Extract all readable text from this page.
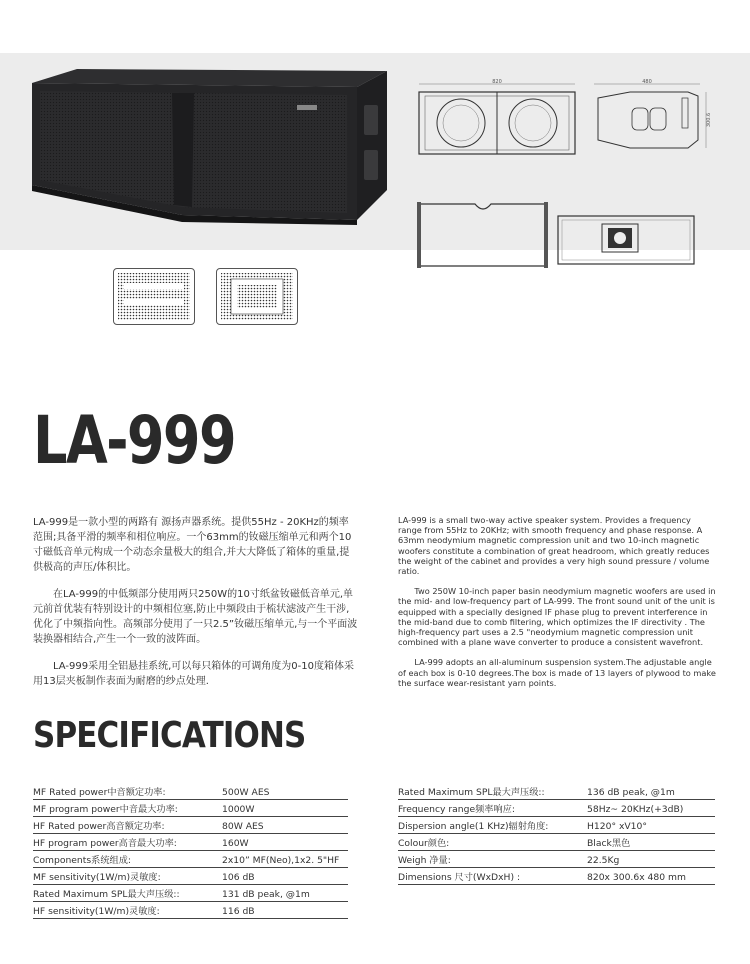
820	480
300.6
LA-999

LA-999是一款小型的两路有 源扬声器系统。提供55Hz - 20KHz的频率范围;具备平滑的频率和相位响应。一个63mm的钕磁压缩单元和两个10寸磁低音单元构成一个动态余量极大的组合,并大大降低了箱体的重量,提供极高的声压/体积比。

在LA-999的中低频部分使用两只250W的10寸纸盆钕磁低音单元,单元前首优装有特别设计的中频相位塞,防止中频段由于梳状滤波产生干涉,优化了中频指向性。高频部分使用了一只2.5”钕磁压缩单元,与一个平面波装换器相结合,产生一个一致的波阵面。

LA-999采用全铝悬挂系统,可以每只箱体的可调角度为0-10度箱体采用13层夹板制作表面为耐磨的纱点处理.

LA-999 is a small two-way active speaker system. Provides a frequency range from 55Hz to 20KHz; with smooth frequency and phase response. A 63mm neodymium magnetic compression unit and two 10-inch magnetic woofers constitute a combination of great headroom, which greatly reduces the weight of the cabinet and provides a very high sound pressure / volume ratio.

Two 250W 10-inch paper basin neodymium magnetic woofers are used in the mid- and low-frequency part of LA-999. The front sound unit of the unit is equipped with a specially designed IF phase plug to prevent interference in the mid-band due to comb filtering, which optimizes the IF directivity . The high-frequency part uses a 2.5 "neodymium magnetic compression unit combined with a plane wave converter to produce a consistent wavefront.

LA-999 adopts an all-aluminum suspension system.The adjustable angle of each box is 0-10 degrees.The box is made of 13 layers of plywood to make the surface wear-resistant yarn points.

SPECIFICATIONS
MF Rated power中音额定功率:	500W AES
MF program power中音最大功率:	1000W
HF Rated power高音额定功率:	80W AES
HF program power高音最大功率:	160W
Components系统组成:	2x10” MF(Neo),1x2. 5"HF
MF sensitivity(1W/m)灵敏度:	106 dB
Rated Maximum SPL最大声压级::	131 dB peak, @1m
HF sensitivity(1W/m)灵敏度:	116 dB
Rated Maximum SPL最大声压级::	136 dB peak, @1m
Frequency range频率响应:	58Hz~ 20KHz(+3dB)
Dispersion angle(1 KHz)辐射角度:	H120° xV10°
Colour颜色:	Black黑色
Weigh 净量:	22.5Kg
Dimensions 尺寸(WxDxH) :	820x 300.6x 480 mm
